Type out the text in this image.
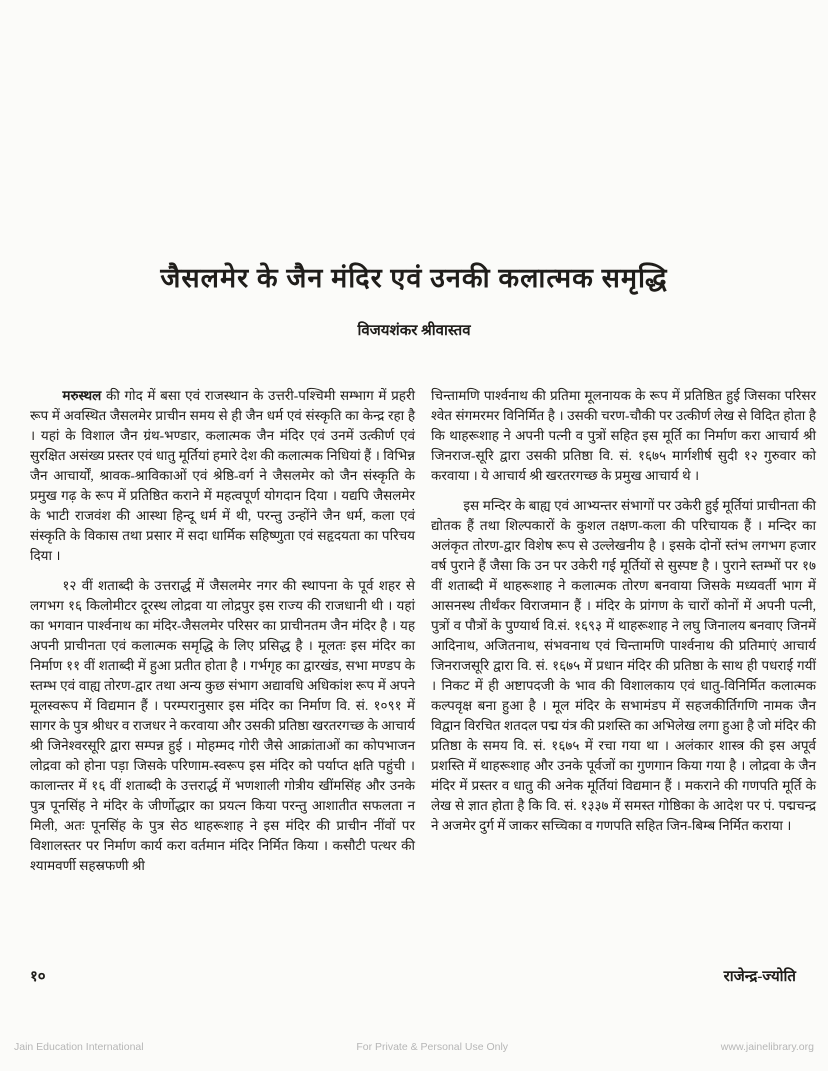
जैसलमेर के जैन मंदिर एवं उनकी कलात्मक समृद्धि
विजयशंकर श्रीवास्तव

मरुस्थल की गोद में बसा एवं राजस्थान के उत्तरी-पश्चिमी सम्भाग में प्रहरी रूप में अवस्थित जैसलमेर प्राचीन समय से ही जैन धर्म एवं संस्कृति का केन्द्र रहा है । यहां के विशाल जैन ग्रंथ-भण्डार, कलात्मक जैन मंदिर एवं उनमें उत्कीर्ण एवं सुरक्षित असंख्य प्रस्तर एवं धातु मूर्तियां हमारे देश की कलात्मक निधियां हैं । विभिन्न जैन आचार्यों, श्रावक-श्राविकाओं एवं श्रेष्ठि-वर्ग ने जैसलमेर को जैन संस्कृति के प्रमुख गढ़ के रूप में प्रतिष्ठित कराने में महत्वपूर्ण योगदान दिया । यद्यपि जैसलमेर के भाटी राजवंश की आस्था हिन्दू धर्म में थी, परन्तु उन्होंने जैन धर्म, कला एवं संस्कृति के विकास तथा प्रसार में सदा धार्मिक सहिष्णुता एवं सहृदयता का परिचय दिया ।

१२ वीं शताब्दी के उत्तरार्द्ध में जैसलमेर नगर की स्थापना के पूर्व शहर से लगभग १६ किलोमीटर दूरस्थ लोद्रवा या लोद्रपुर इस राज्य की राजधानी थी । यहां का भगवान पार्श्वनाथ का मंदिर-जैसलमेर परिसर का प्राचीनतम जैन मंदिर है । यह अपनी प्राचीनता एवं कलात्मक समृद्धि के लिए प्रसिद्ध है । मूलतः इस मंदिर का निर्माण ११ वीं शताब्दी में हुआ प्रतीत होता है । गर्भगृह का द्वारखंड, सभा मण्डप के स्तम्भ एवं वाह्य तोरण-द्वार तथा अन्य कुछ संभाग अद्यावधि अधिकांश रूप में अपने मूलस्वरूप में विद्यमान हैं । परम्परानुसार इस मंदिर का निर्माण वि. सं. १०९१ में सागर के पुत्र श्रीधर व राजधर ने करवाया और उसकी प्रतिष्ठा खरतरगच्छ के आचार्य श्री जिनेश्वरसूरि द्वारा सम्पन्न हुई । मोहम्मद गोरी जैसे आक्रांताओं का कोपभाजन लोद्रवा को होना पड़ा जिसके परिणाम-स्वरूप इस मंदिर को पर्याप्त क्षति पहुंची । कालान्तर में १६ वीं शताब्दी के उत्तरार्द्ध में भणशाली गोत्रीय खींमसिंह और उनके पुत्र पूनसिंह ने मंदिर के जीर्णोद्धार का प्रयत्न किया परन्तु आशातीत सफलता न मिली, अतः पूनसिंह के पुत्र सेठ थाहरूशाह ने इस मंदिर की प्राचीन नींवों पर विशालस्तर पर निर्माण कार्य करा वर्तमान मंदिर निर्मित किया । कसौटी पत्थर की श्यामवर्णी सहस्रफणी श्री

चिन्तामणि पार्श्वनाथ की प्रतिमा मूलनायक के रूप में प्रतिष्ठित हुई जिसका परिसर श्वेत संगमरमर विनिर्मित है । उसकी चरण-चौकी पर उत्कीर्ण लेख से विदित होता है कि थाहरूशाह ने अपनी पत्नी व पुत्रों सहित इस मूर्ति का निर्माण करा आचार्य श्री जिनराज-सूरि द्वारा उसकी प्रतिष्ठा वि. सं. १६७५ मार्गशीर्ष सुदी १२ गुरुवार को करवाया । ये आचार्य श्री खरतरगच्छ के प्रमुख आचार्य थे ।

इस मन्दिर के बाह्य एवं आभ्यन्तर संभागों पर उकेरी हुई मूर्तियां प्राचीनता की द्योतक हैं तथा शिल्पकारों के कुशल तक्षण-कला की परिचायक हैं । मन्दिर का अलंकृत तोरण-द्वार विशेष रूप से उल्लेखनीय है । इसके दोनों स्तंभ लगभग हजार वर्ष पुराने हैं जैसा कि उन पर उकेरी गई मूर्तियों से सुस्पष्ट है । पुराने स्तम्भों पर १७ वीं शताब्दी में थाहरूशाह ने कलात्मक तोरण बनवाया जिसके मध्यवर्ती भाग में आसनस्थ तीर्थंकर विराजमान हैं । मंदिर के प्रांगण के चारों कोनों में अपनी पत्नी, पुत्रों व पौत्रों के पुण्यार्थ वि.सं. १६९३ में थाहरूशाह ने लघु जिनालय बनवाए जिनमें आदिनाथ, अजितनाथ, संभवनाथ एवं चिन्तामणि पार्श्वनाथ की प्रतिमाएं आचार्य जिनराजसूरि द्वारा वि. सं. १६७५ में प्रधान मंदिर की प्रतिष्ठा के साथ ही पधराई गयीं । निकट में ही अष्टापदजी के भाव की विशालकाय एवं धातु-विनिर्मित कलात्मक कल्पवृक्ष बना हुआ है । मूल मंदिर के सभामंडप में सहजकीर्तिगणि नामक जैन विद्वान विरचित शतदल पद्म यंत्र की प्रशस्ति का अभिलेख लगा हुआ है जो मंदिर की प्रतिष्ठा के समय वि. सं. १६७५ में रचा गया था । अलंकार शास्त्र की इस अपूर्व प्रशस्ति में थाहरूशाह और उनके पूर्वजों का गुणगान किया गया है । लोद्रवा के जैन मंदिर में प्रस्तर व धातु की अनेक मूर्तियां विद्यमान हैं । मकराने की गणपति मूर्ति के लेख से ज्ञात होता है कि वि. सं. १३३७ में समस्त गोष्ठिका के आदेश पर पं. पद्मचन्द्र ने अजमेर दुर्ग में जाकर सच्चिका व गणपति सहित जिन-बिम्ब निर्मित कराया ।

१०	राजेन्द्र-ज्योति
Jain Education International	For Private & Personal Use Only	www.jainelibrary.org
